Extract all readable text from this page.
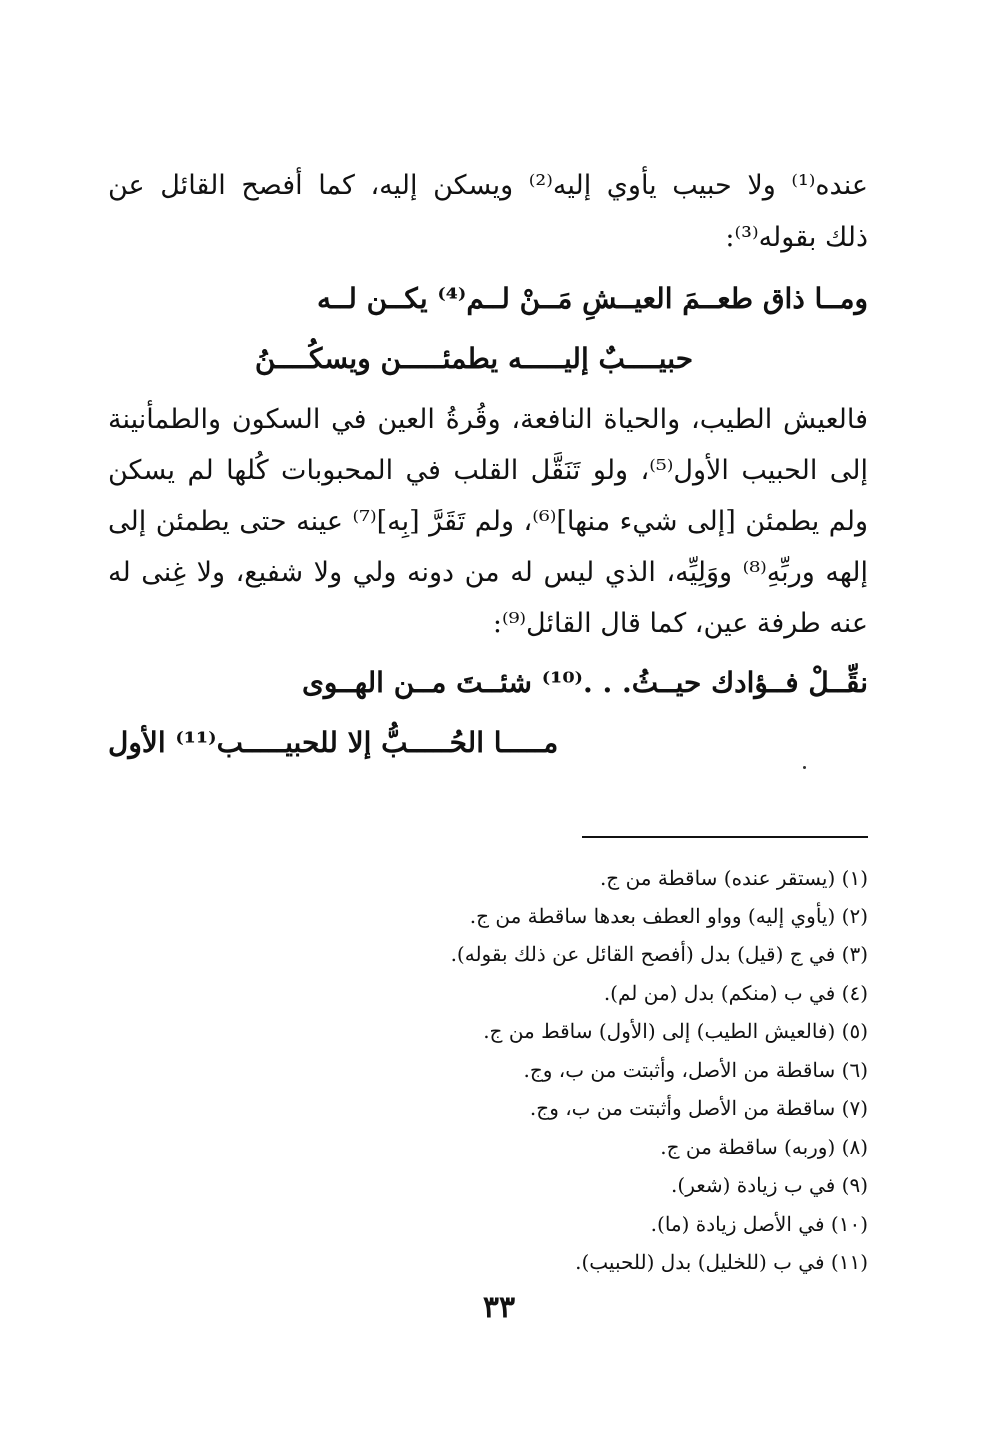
عنده⁽¹⁾ ولا حبيب يأوي إليه⁽²⁾ ويسكن إليه، كما أفصح القائل عن
ذلك بقوله⁽³⁾:
ومــا ذاق طعــمَ العيــشِ مَــنْ لــم⁽⁴⁾ يكــن لــه
حبيــــبٌ إليـــــه يطمئـــــن ويسكُــــنُ
فالعيش الطيب، والحياة النافعة، وقُرةُ العين في السكون والطمأنينة
إلى الحبيب الأول⁽⁵⁾، ولو تَنَقَّل القلب في المحبوبات كُلها لم يسكن
ولم يطمئن [إلى شيء منها]⁽⁶⁾، ولم تَقَرَّ [بِه]⁽⁷⁾ عينه حتى يطمئن إلى
إلهه وربِّهِ⁽⁸⁾ ووَلِيِّه، الذي ليس له من دونه ولي ولا شفيع، ولا غِنى له
عنه طرفة عين، كما قال القائل⁽⁹⁾:
نقِّــلْ فــؤادك حيــثُ. . .⁽¹⁰⁾ شئــتَ مــن الهــوى
مـــــا الحُـــــبُّ إلا للحبيـــــب⁽¹¹⁾ الأول
(١) (يستقر عنده) ساقطة من ج.
(٢) (يأوي إليه) وواو العطف بعدها ساقطة من ج.
(٣) في ج (قيل) بدل (أفصح القائل عن ذلك بقوله).
(٤) في ب (منكم) بدل (من لم).
(٥) (فالعيش الطيب) إلى (الأول) ساقط من ج.
(٦) ساقطة من الأصل، وأثبتت من ب، وج.
(٧) ساقطة من الأصل وأثبتت من ب، وج.
(٨) (وربه) ساقطة من ج.
(٩) في ب زيادة (شعر).
(١٠) في الأصل زيادة (ما).
(١١) في ب (للخليل) بدل (للحبيب).
٣٣
